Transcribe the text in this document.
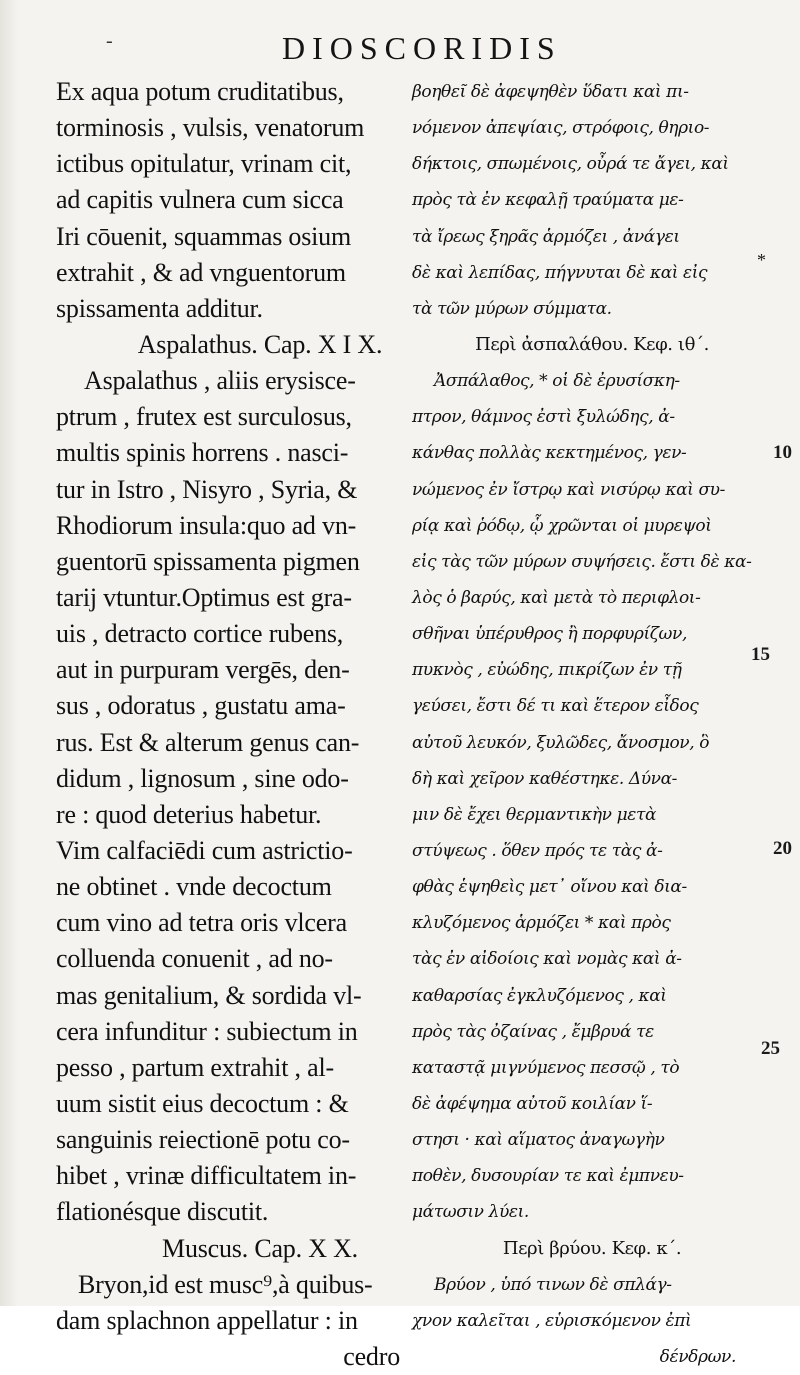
-	DIOSCORIDIS
Ex aqua potum cruditatibus,
torminosis , vulsis, venatorum
ictibus opitulatur, vrinam cit,
ad capitis vulnera cum sicca
Iri cōuenit, squammas osium
extrahit , & ad vnguentorum
spissamenta additur.
Aspalathus. Cap. X I X.
Aspalathus , aliis erysisce-
ptrum , frutex est surculosus,
multis spinis horrens . nasci-
tur in Istro , Nisyro , Syria, &
Rhodiorum insula:quo ad vn-
guentorū spissamenta pigmen
tarij vtuntur.Optimus est gra-
uis , detracto cortice rubens,
aut in purpuram vergēs, den-
sus , odoratus , gustatu ama-
rus. Est & alterum genus can-
didum , lignosum , sine odo-
re : quod deterius habetur.
Vim calfaciēdi cum astrictio-
ne obtinet . vnde decoctum
cum vino ad tetra oris vlcera
colluenda conuenit , ad no-
mas genitalium, & sordida vl-
cera infunditur : subiectum in
pesso , partum extrahit , al-
uum sistit eius decoctum : &
sanguinis reiectionē potu co-
hibet , vrinæ difficultatem in-
flationésque discutit.
Muscus. Cap. X X.
Bryon,id est musc⁹,à quibus-
dam splachnon appellatur : in
cedro
βοηθεῖ δὲ ἀφεψηθὲν ὕδατι καὶ πι-
νόμενον ἀπεψίαις, στρόφοις, θηριο-
δήκτοις, σπωμένοις, οὖρά τε ἄγει, καὶ
πρὸς τὰ ἐν κεφαλῇ τραύματα με-
τὰ ἴρεως ξηρᾶς ἁρμόζει , ἀνάγει
δὲ καὶ λεπίδας, πήγνυται δὲ καὶ εἰς
τὰ τῶν μύρων σύμματα.
Περὶ ἀσπαλάθου. Κεφ. ιθ΄.
Ἀσπάλαθος, * οἱ δὲ ἐρυσίσκη-
πτρον, θάμνος ἐστὶ ξυλώδης, ἀ-
κάνθας πολλὰς κεκτημένος, γεν-
νώμενος ἐν ἴστρῳ καὶ νισύρῳ καὶ συ-
ρίᾳ καὶ ῥόδῳ, ᾧ χρῶνται οἱ μυρεψοὶ
εἰς τὰς τῶν μύρων συψήσεις. ἔστι δὲ κα-
λὸς ὁ βαρύς, καὶ μετὰ τὸ περιφλοι-
σθῆναι ὑπέρυθρος ἢ πορφυρίζων,
πυκνὸς , εὐώδης, πικρίζων ἐν τῇ
γεύσει, ἔστι δέ τι καὶ ἕτερον εἶδος
αὐτοῦ λευκόν, ξυλῶδες, ἄνοσμον, ὃ
δὴ καὶ χεῖρον καθέστηκε. Δύνα-
μιν δὲ ἔχει θερμαντικὴν μετὰ
στύψεως . ὅθεν πρός τε τὰς ἀ-
φθὰς ἑψηθεὶς μετ᾽ οἴνου καὶ δια-
κλυζόμενος ἁρμόζει * καὶ πρὸς
τὰς ἐν αἰδοίοις καὶ νομὰς καὶ ἀ-
καθαρσίας ἐγκλυζόμενος , καὶ
πρὸς τὰς ὀζαίνας , ἔμβρυά τε
καταστᾷ μιγνύμενος πεσσῷ , τὸ
δὲ ἀφέψημα αὐτοῦ κοιλίαν ἵ-
στησι · καὶ αἵματος ἀναγωγὴν
ποθὲν, δυσουρίαν τε καὶ ἐμπνευ-
μάτωσιν λύει.
Περὶ βρύου. Κεφ. κ΄.
Βρύον , ὑπό τινων δὲ σπλάγ-
χνον καλεῖται , εὑρισκόμενον ἐπὶ
δένδρων.
*
10
15
20
25
